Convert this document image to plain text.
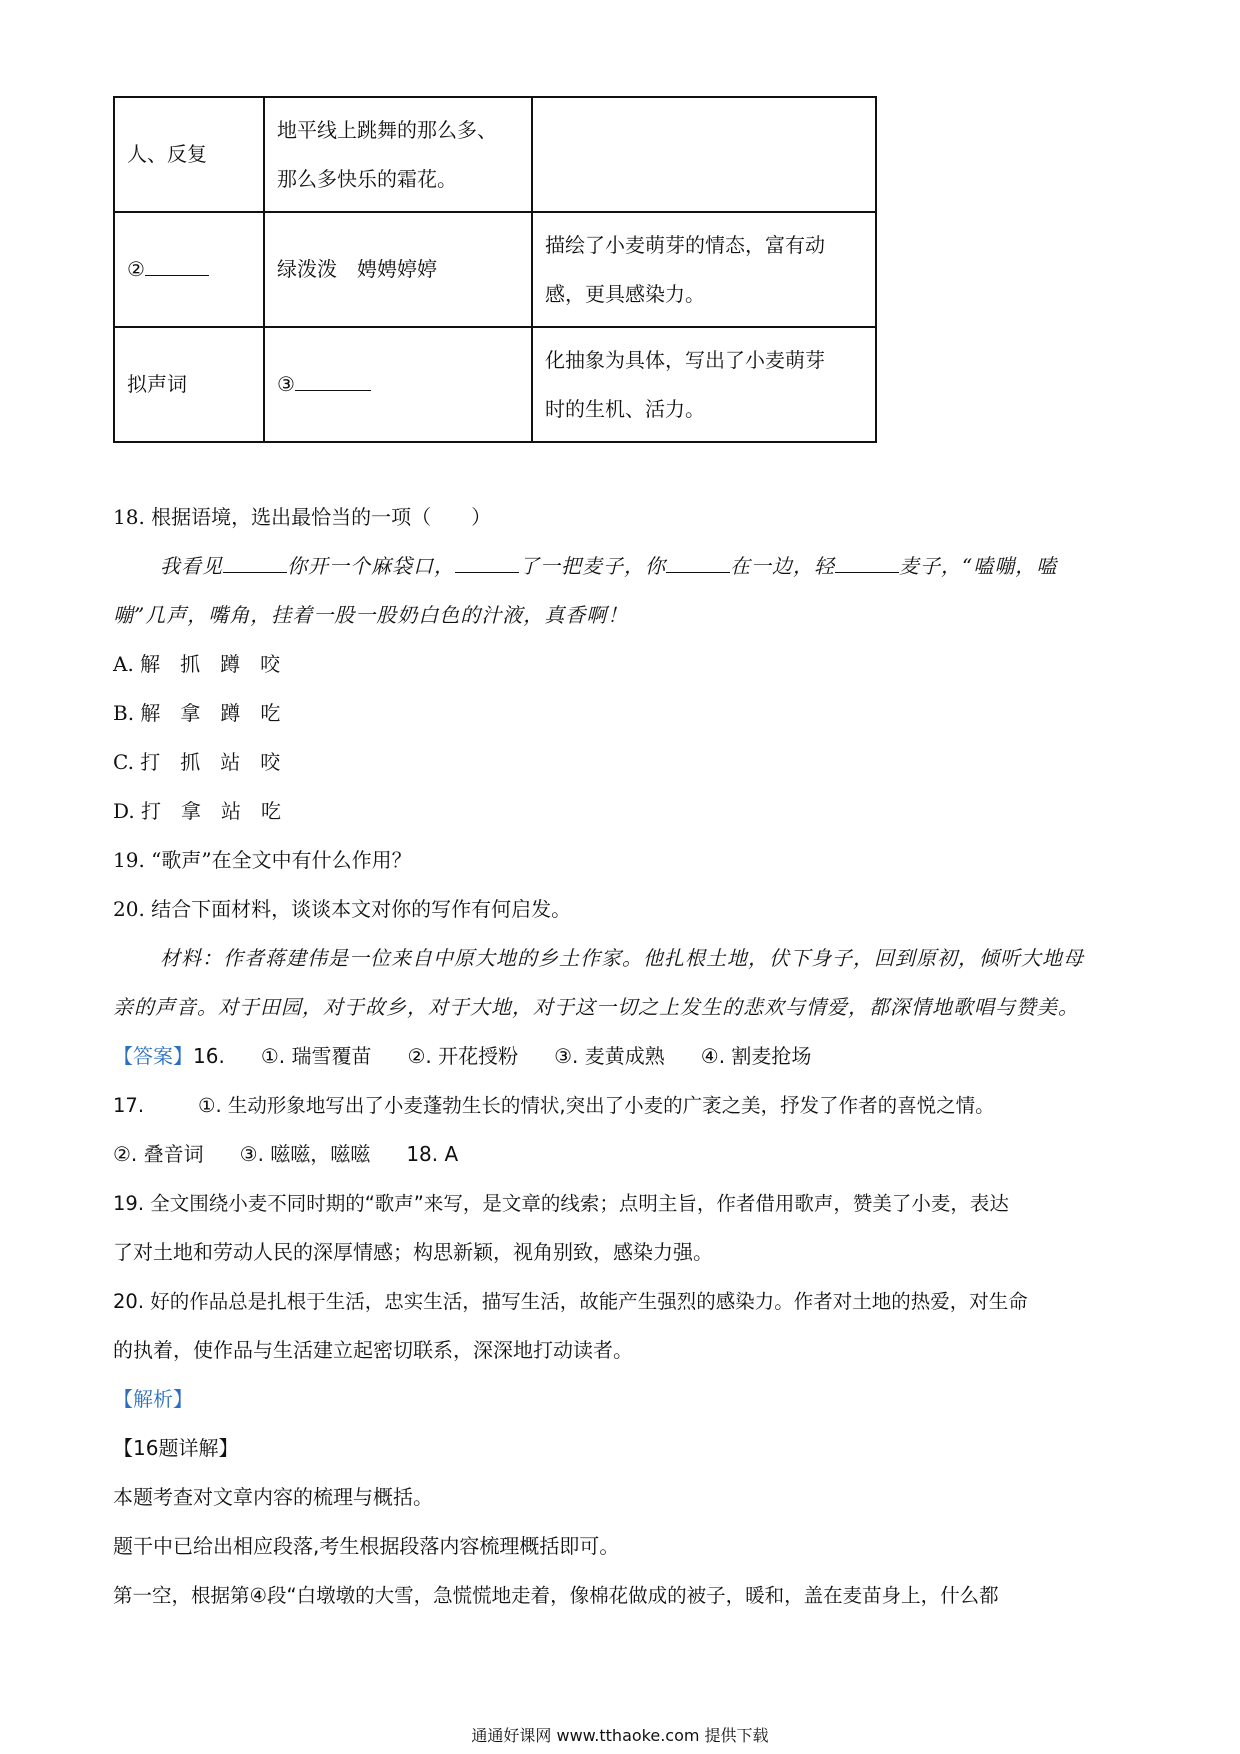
人、反复	地平线上跳舞的那么多、
那么多快乐的霜花。	

②	绿泼泼　娉娉婷婷	描绘了小麦萌芽的情态，富有动
感，更具感染力。

拟声词	③	化抽象为具体，写出了小麦萌芽
时的生机、活力。
18. 根据语境，选出最恰当的一项（　　）
我看见	你开一个麻袋口，	了一把麦子，你	在一边，轻	麦子，“嗑嘣，嗑
嘣”几声，嘴角，挂着一股一股奶白色的汁液，真香啊！
A. 解　抓　蹲　咬
B. 解　拿　蹲　吃
C. 打　抓　站　咬
D. 打　拿　站　吃
19. “歌声”在全文中有什么作用？
20. 结合下面材料，谈谈本文对你的写作有何启发。
材料：作者蒋建伟是一位来自中原大地的乡土作家。他扎根土地，伏下身子，回到原初，倾听大地母
亲的声音。对于田园，对于故乡，对于大地，对于这一切之上发生的悲欢与情爱，都深情地歌唱与赞美。
【答案】16. ①. 瑞雪覆苗 ②. 开花授粉 ③. 麦黄成熟 ④. 割麦抢场
17.	①. 生动形象地写出了小麦蓬勃生长的情状,突出了小麦的广袤之美，抒发了作者的喜悦之情。
②. 叠音词 ③. 嗞嗞，嗞嗞 18. A
19. 全文围绕小麦不同时期的“歌声”来写，是文章的线索；点明主旨，作者借用歌声，赞美了小麦，表达
了对土地和劳动人民的深厚情感；构思新颖，视角别致，感染力强。
20. 好的作品总是扎根于生活，忠实生活，描写生活，故能产生强烈的感染力。作者对土地的热爱，对生命
的执着，使作品与生活建立起密切联系，深深地打动读者。
【解析】
【16题详解】
本题考查对文章内容的梳理与概括。
题干中已给出相应段落,考生根据段落内容梳理概括即可。
第一空，根据第④段“白墩墩的大雪，急慌慌地走着，像棉花做成的被子，暖和，盖在麦苗身上，什么都
通通好课网 www.tthaoke.com 提供下载
